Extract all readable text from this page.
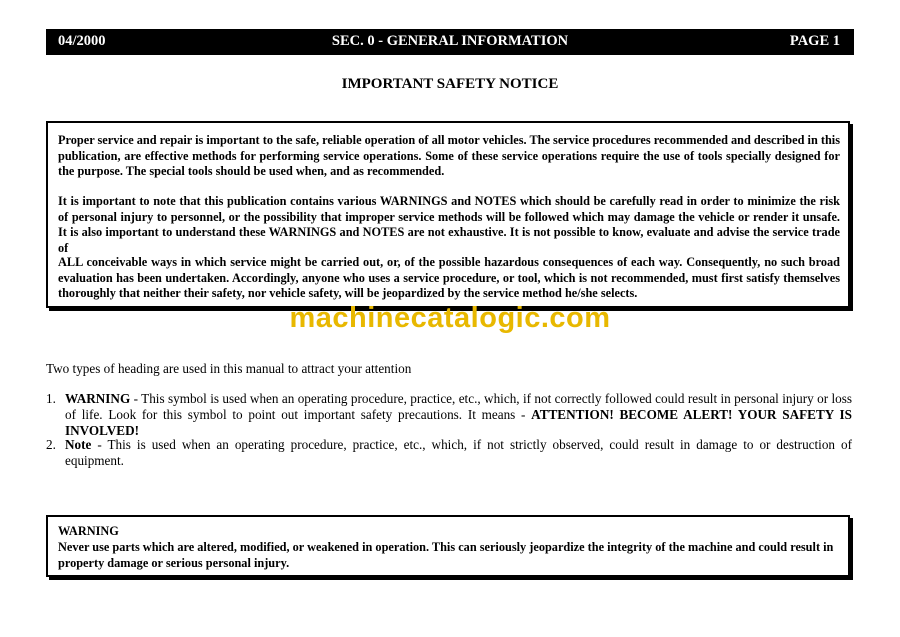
04/2000	SEC. 0 - GENERAL INFORMATION	PAGE 1
IMPORTANT SAFETY NOTICE

Proper service and repair is important to the safe, reliable operation of all motor vehicles. The service procedures recommended and described in this publication, are effective methods for performing service operations. Some of these service operations require the use of tools specially designed for the purpose. The special tools should be used when, and as recommended.

It is important to note that this publication contains various WARNINGS and NOTES which should be carefully read in order to minimize the risk of personal injury to personnel, or the possibility that improper service methods will be followed which may damage the vehicle or render it unsafe. It is also important to understand these WARNINGS and NOTES are not exhaustive. It is not possible to know, evaluate and advise the service trade of

ALL conceivable ways in which service might be carried out, or, of the possible hazardous consequences of each way. Consequently, no such broad evaluation has been undertaken. Accordingly, anyone who uses a service procedure, or tool, which is not recommended, must first satisfy themselves thoroughly that neither their safety, nor vehicle safety, will be jeopardized by the service method he/she selects.

machinecatalogic.com
Two types of heading are used in this manual to attract your attention
1. WARNING - This symbol is used when an operating procedure, practice, etc., which, if not correctly followed could result in personal injury or loss of life. Look for this symbol to point out important safety precautions. It means - ATTENTION! BECOME ALERT! YOUR SAFETY IS INVOLVED!
2. Note - This is used when an operating procedure, practice, etc., which, if not strictly observed, could result in damage to or destruction of equipment.
WARNING

Never use parts which are altered, modified, or weakened in operation. This can seriously jeopardize the integrity of the machine and could result in property damage or serious personal injury.
